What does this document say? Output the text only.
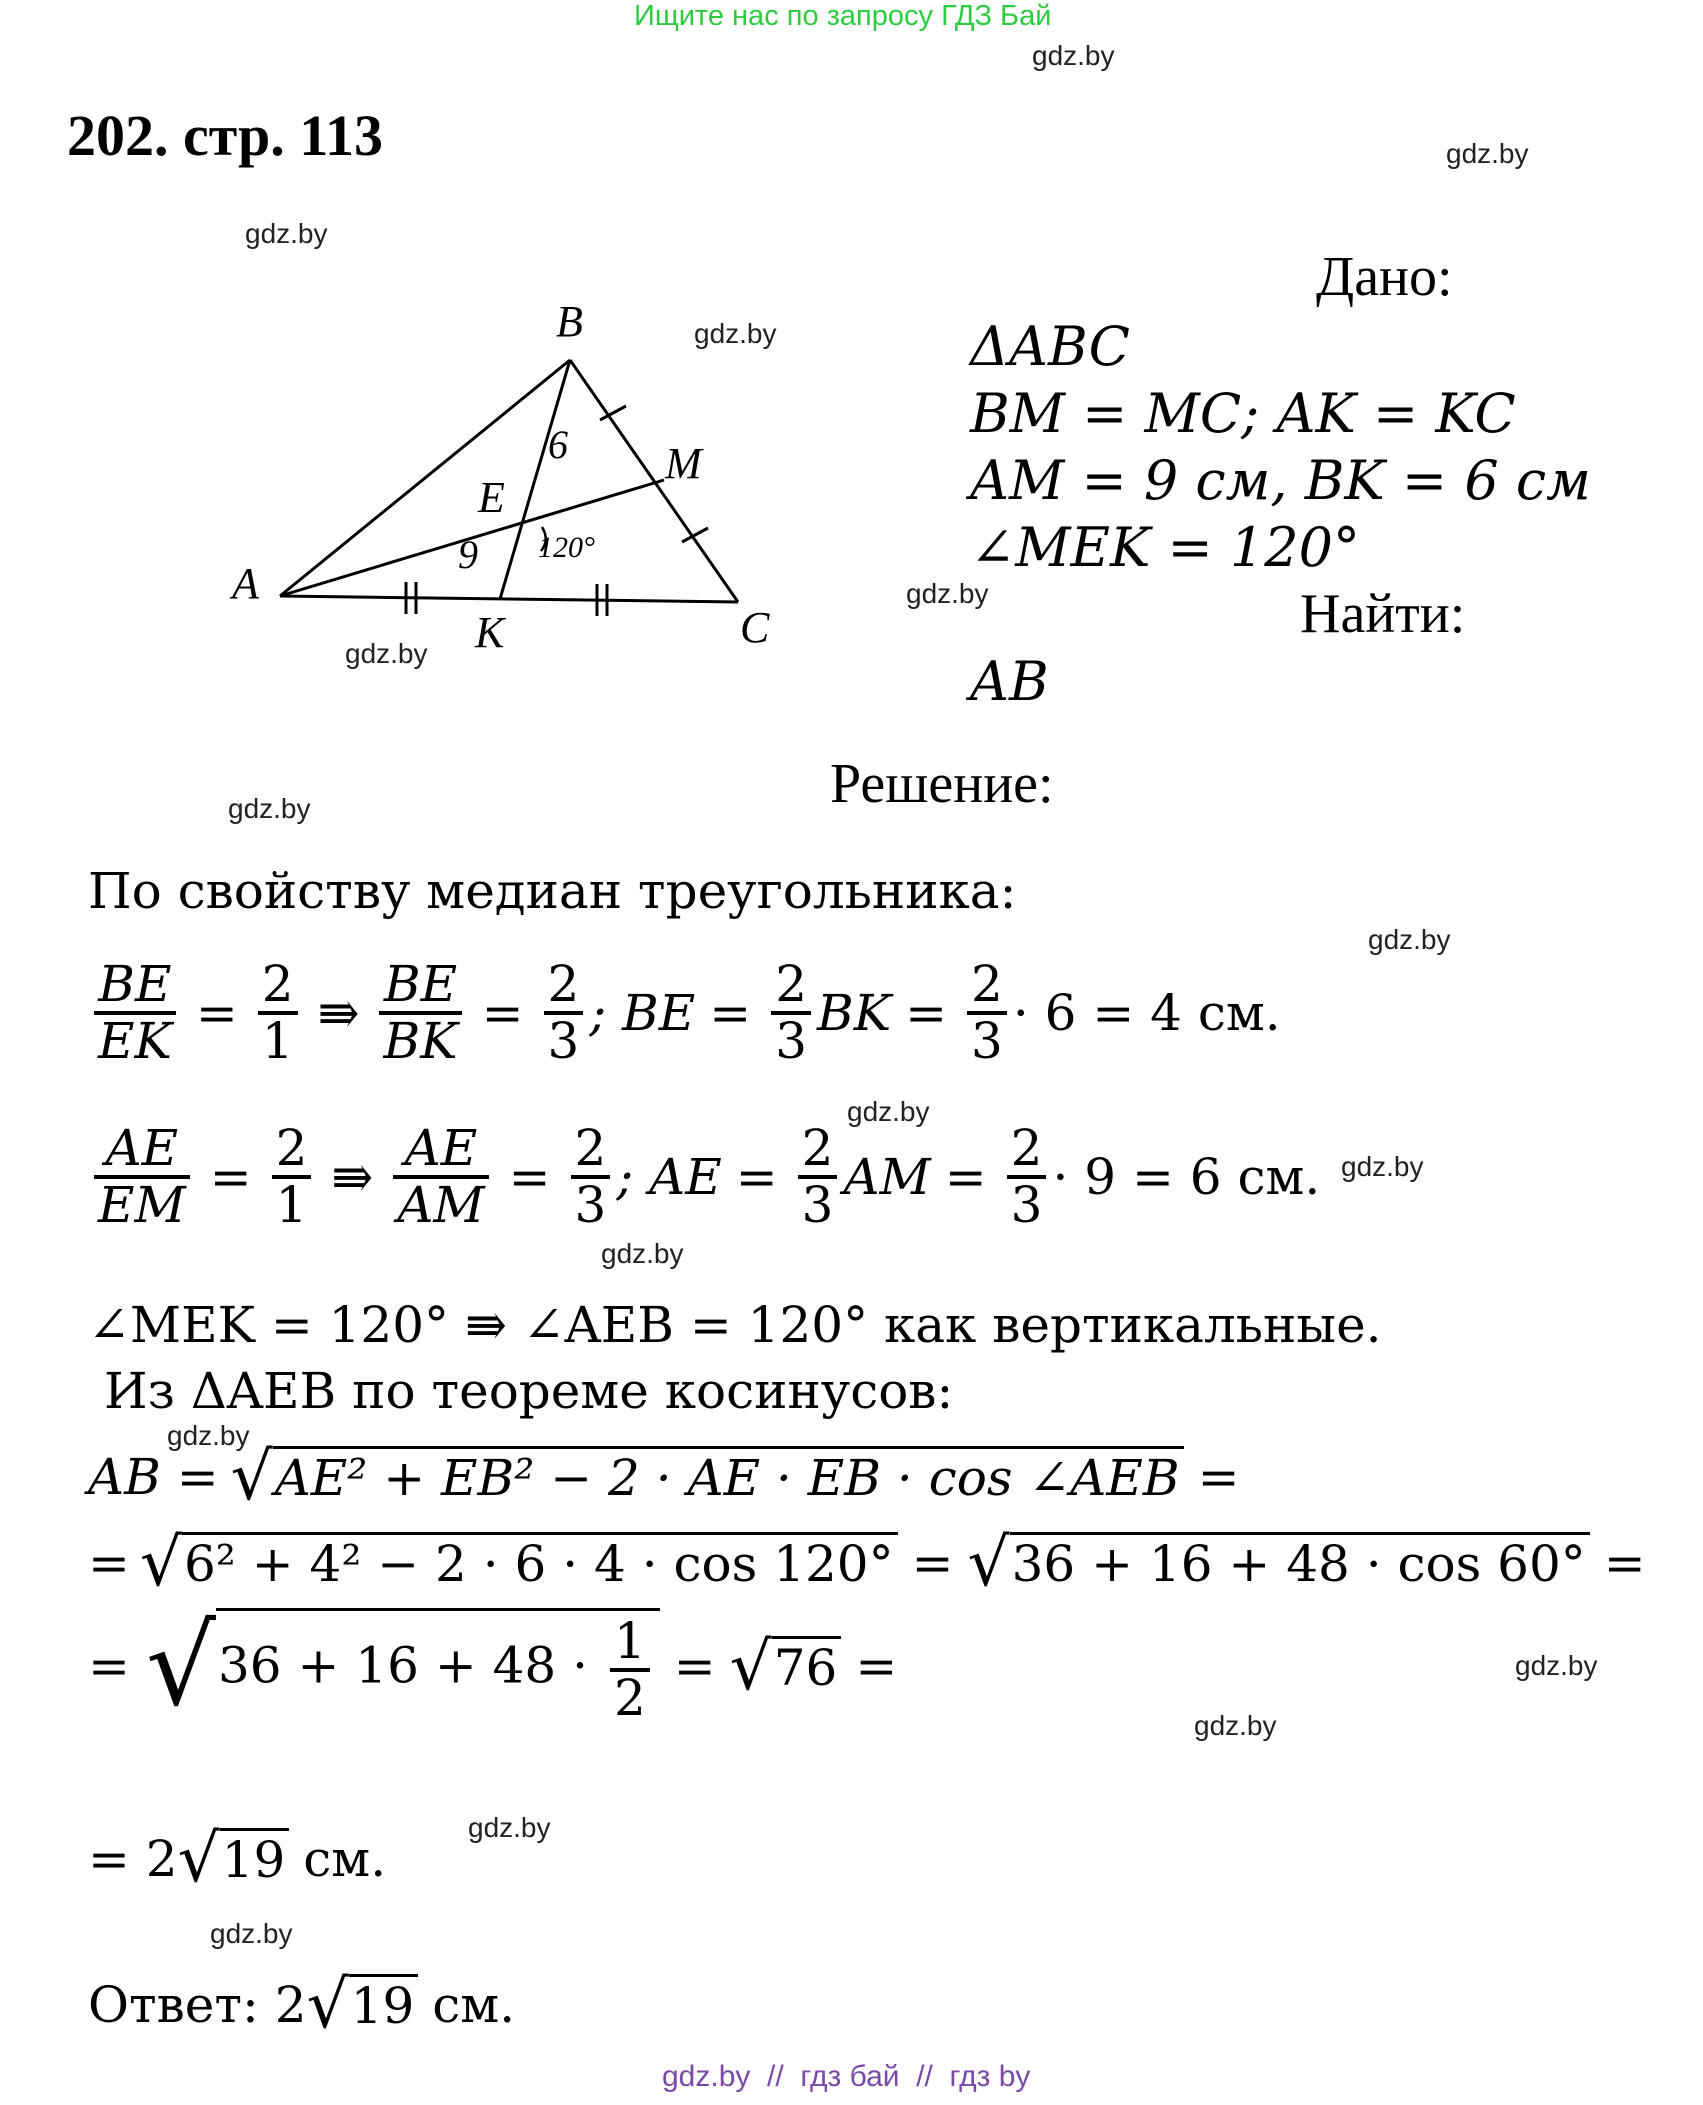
Ищите нас по запросу ГДЗ Бай
gdz.by
gdz.by
gdz.by
gdz.by
gdz.by
gdz.by
gdz.by
gdz.by
gdz.by
gdz.by
gdz.by
gdz.by
gdz.by
gdz.by
gdz.by
gdz.by
202. стр. 113
A
B
C
M
E
K
6
9 120°
Дано:
ΔABC
BM = MC; AK = KC
AM = 9 см, BK = 6 см
∠MEK = 120°
Найти:
AB
Решение:
По свойству медиан треугольника:
$\frac{BE}{EK} = \frac{2}{1}$ ⇛ $\frac{BE}{BK} = \frac{2}{3}$ ; BE = $\frac{2}{3}$ BK = $\frac{2}{3} \cdot 6 = 4$ см.
$\frac{AE}{EM} = \frac{2}{1}$ ⇛ $\frac{AE}{AM} = \frac{2}{3}$ ; AE = $\frac{2}{3}$ AM = $\frac{2}{3} \cdot 9 = 6$ см.
∠MEK = 120° ⇛ ∠AEB = 120° как вертикальные.
Из ΔAEB по теореме косинусов:
AB = √ AE² + EB² − 2 · AE · EB · cos ∠AEB =
= √ 6² + 4² − 2 · 6 · 4 · cos 120° = √ 36 + 16 + 48 · cos 60° =
= √ $36 + 16 + 48 \cdot \frac{1}{2}$ = √ 76 =
= 2 √ 19 см.
Ответ: 2 √ 19 см.
gdz.by  //  гдз бай  //  гдз by
